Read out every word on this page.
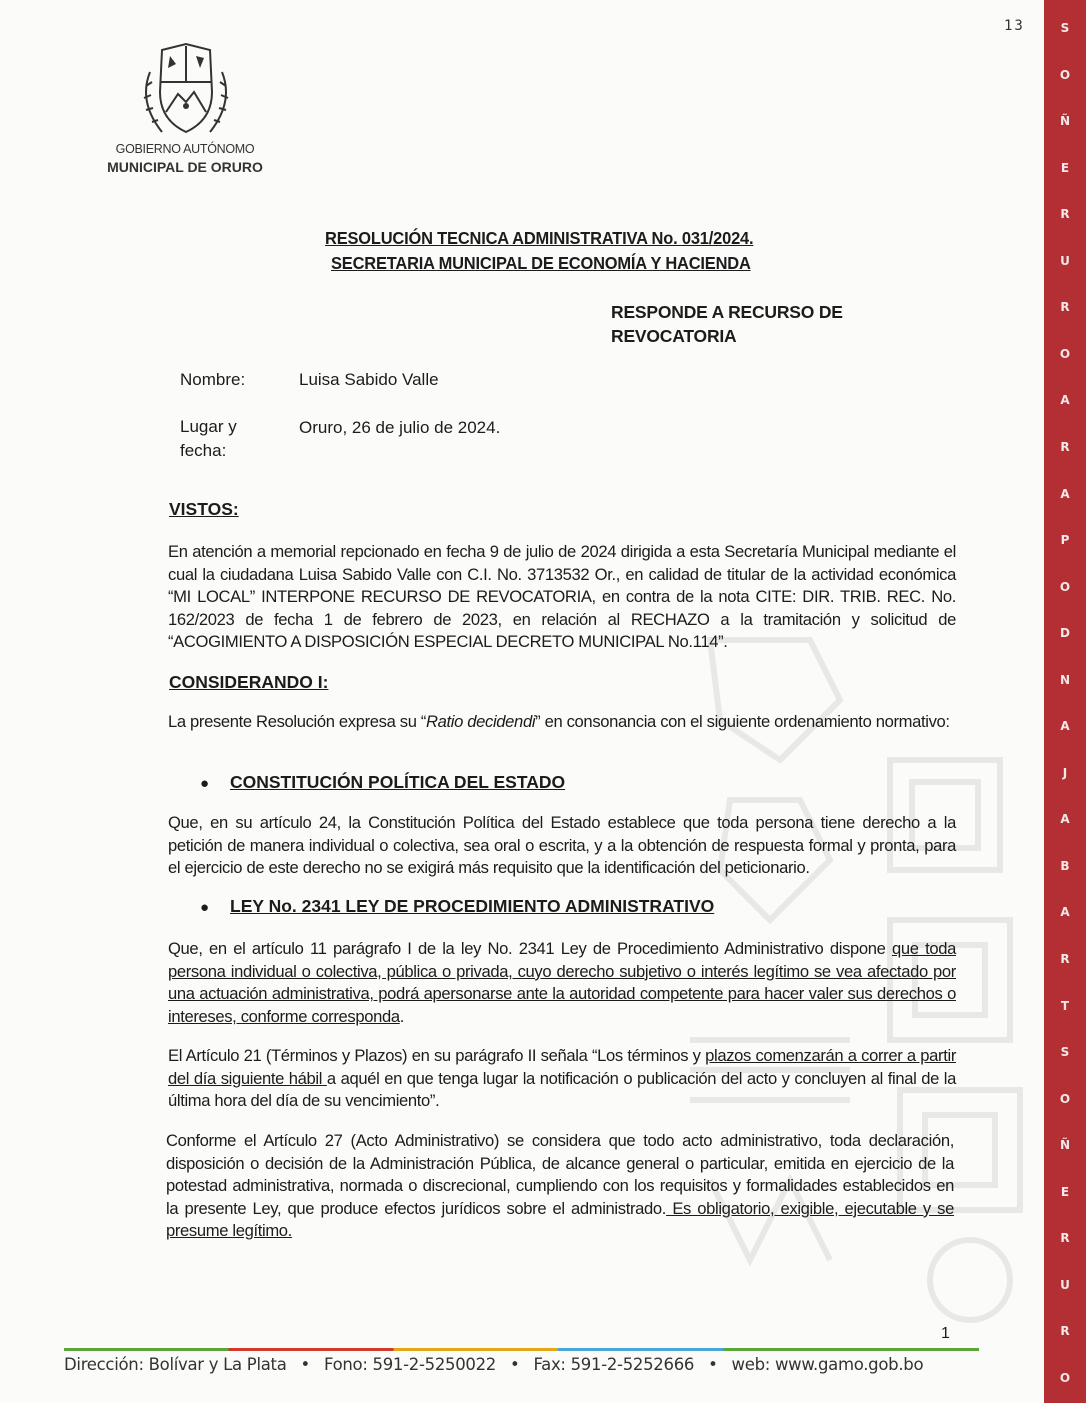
S
O
Ñ
E
R
U
R
O
A
R
A
P
O
D
N
A
J
A
B
A
R
T
S
O
Ñ
E
R
U
R
O
13
GOBIERNO AUTÓNOMO
MUNICIPAL DE ORURO
RESOLUCIÓN TECNICA ADMINISTRATIVA No. 031/2024.
SECRETARIA MUNICIPAL DE ECONOMÍA Y HACIENDA
RESPONDE A RECURSO DE
REVOCATORIA
Nombre:	Luisa Sabido Valle
Lugar y
fecha:
Oruro, 26 de julio de 2024.
VISTOS:
En atención a memorial repcionado en fecha 9 de julio de 2024 dirigida a esta Secretaría Municipal mediante el cual la ciudadana Luisa Sabido Valle con C.I. No. 3713532 Or., en calidad de titular de la actividad económica “MI LOCAL” INTERPONE RECURSO DE REVOCATORIA, en contra de la nota CITE: DIR. TRIB. REC. No. 162/2023 de fecha 1 de febrero de 2023, en relación al RECHAZO a la tramitación y solicitud de “ACOGIMIENTO A DISPOSICIÓN ESPECIAL DECRETO MUNICIPAL No.114”.
CONSIDERANDO I:
La presente Resolución expresa su “Ratio decidendi” en consonancia con el siguiente ordenamiento normativo:
● CONSTITUCIÓN POLÍTICA DEL ESTADO
Que, en su artículo 24, la Constitución Política del Estado establece que toda persona tiene derecho a la petición de manera individual o colectiva, sea oral o escrita, y a la obtención de respuesta formal y pronta, para el ejercicio de este derecho no se exigirá más requisito que la identificación del peticionario.
● LEY No. 2341 LEY DE PROCEDIMIENTO ADMINISTRATIVO
Que, en el artículo 11 parágrafo I de la ley No. 2341 Ley de Procedimiento Administrativo dispone que toda persona individual o colectiva, pública o privada, cuyo derecho subjetivo o interés legítimo se vea afectado por una actuación administrativa, podrá apersonarse ante la autoridad competente para hacer valer sus derechos o intereses, conforme corresponda.
El Artículo 21 (Términos y Plazos) en su parágrafo II señala “Los términos y plazos comenzarán a correr a partir del día siguiente hábil a aquél en que tenga lugar la notificación o publicación del acto y concluyen al final de la última hora del día de su vencimiento”.
Conforme el Artículo 27 (Acto Administrativo) se considera que todo acto administrativo, toda declaración, disposición o decisión de la Administración Pública, de alcance general o particular, emitida en ejercicio de la potestad administrativa, normada o discrecional, cumpliendo con los requisitos y formalidades establecidos en la presente Ley, que produce efectos jurídicos sobre el administrado. Es obligatorio, exigible, ejecutable y se presume legítimo.
1
Dirección: Bolívar y La Plata • Fono: 591-2-5250022 • Fax: 591-2-5252666 • web: www.gamo.gob.bo
